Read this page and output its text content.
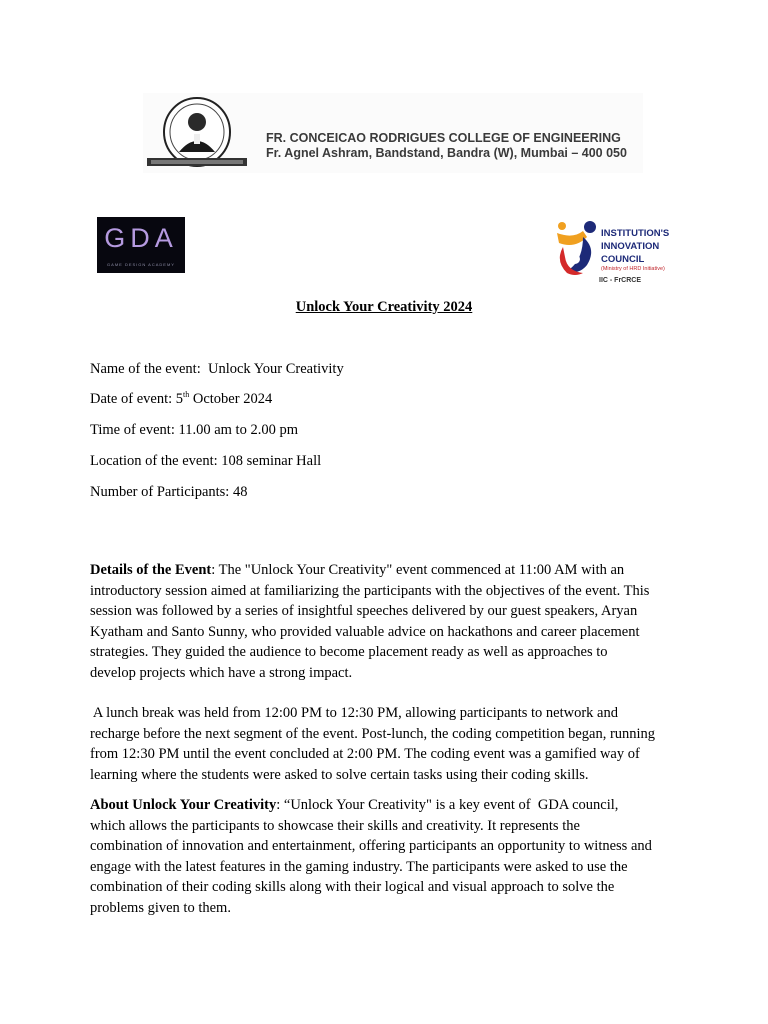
FR. CONCEICAO RODRIGUES COLLEGE OF ENGINEERING
Fr. Agnel Ashram, Bandstand, Bandra (W), Mumbai – 400 050
GDA
GAME DESIGN ACADEMY
INSTITUTION'S
INNOVATION
COUNCIL
(Ministry of HRD Initiative)
IIC - FrCRCE
Unlock Your Creativity 2024
Name of the event: Unlock Your Creativity
Date of event: 5th October 2024
Time of event: 11.00 am to 2.00 pm
Location of the event: 108 seminar Hall
Number of Participants: 48

Details of the Event: The "Unlock Your Creativity" event commenced at 11:00 AM with an

introductory session aimed at familiarizing the participants with the objectives of the event. This

session was followed by a series of insightful speeches delivered by our guest speakers, Aryan

Kyatham and Santo Sunny, who provided valuable advice on hackathons and career placement

strategies. They guided the audience to become placement ready as well as approaches to

develop projects which have a strong impact.

A lunch break was held from 12:00 PM to 12:30 PM, allowing participants to network and

recharge before the next segment of the event. Post-lunch, the coding competition began, running

from 12:30 PM until the event concluded at 2:00 PM. The coding event was a gamified way of

learning where the students were asked to solve certain tasks using their coding skills.

About Unlock Your Creativity: “Unlock Your Creativity" is a key event of  GDA council,

which allows the participants to showcase their skills and creativity. It represents the

combination of innovation and entertainment, offering participants an opportunity to witness and

engage with the latest features in the gaming industry. The participants were asked to use the

combination of their coding skills along with their logical and visual approach to solve the

problems given to them.
